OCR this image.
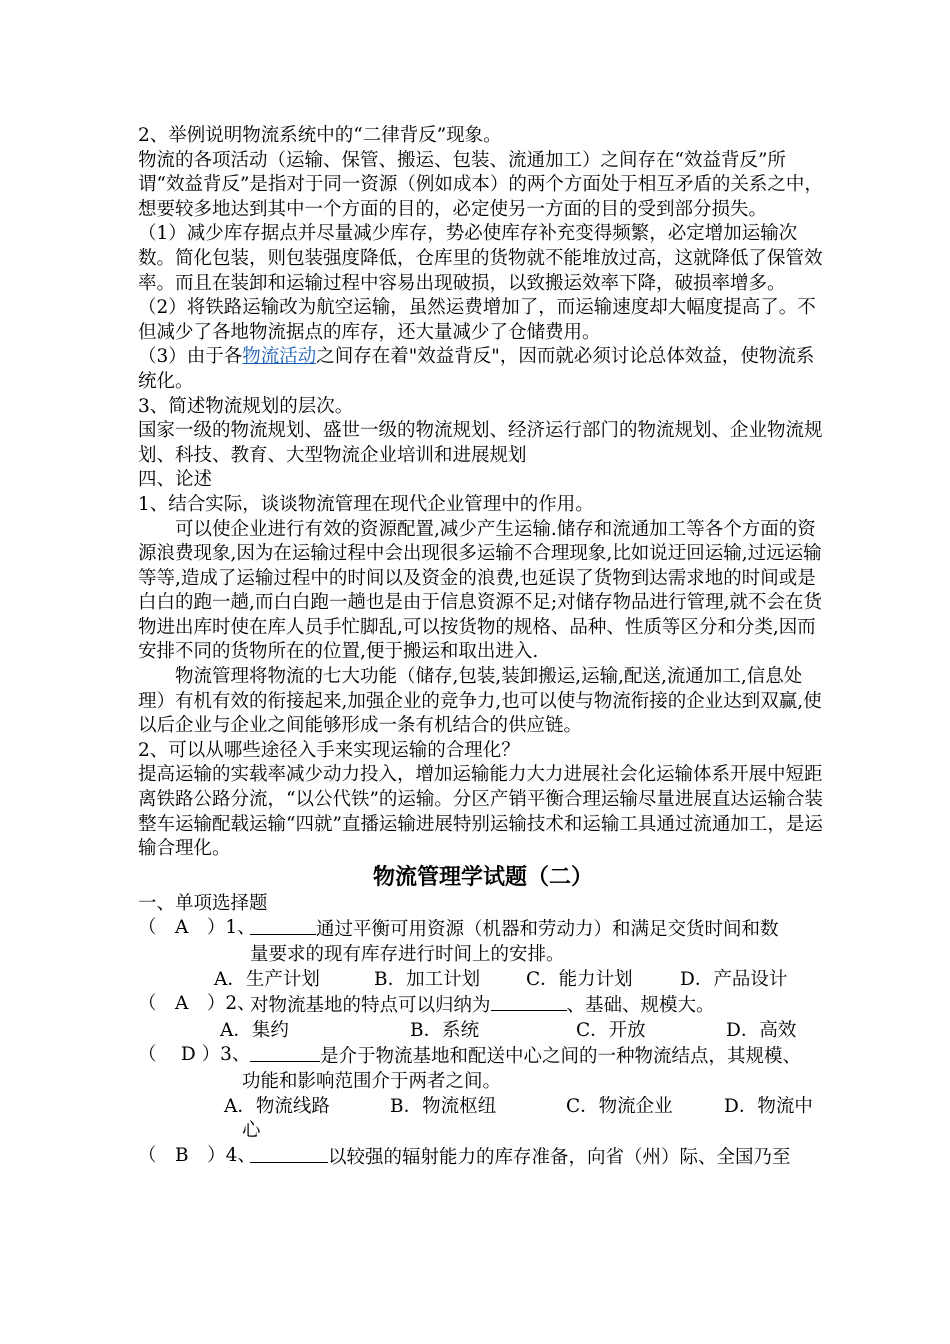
2、举例说明物流系统中的“二律背反”现象。

物流的各项活动（运输、保管、搬运、包装、流通加工）之间存在“效益背反”所谓“效益背反”是指对于同一资源（例如成本）的两个方面处于相互矛盾的关系之中，想要较多地达到其中一个方面的目的，必定使另一方面的目的受到部分损失。

（1）减少库存据点并尽量减少库存，势必使库存补充变得频繁，必定增加运输次数。简化包装，则包装强度降低，仓库里的货物就不能堆放过高，这就降低了保管效率。而且在装卸和运输过程中容易出现破损，以致搬运效率下降，破损率增多。

（2）将铁路运输改为航空运输，虽然运费增加了，而运输速度却大幅度提高了。不但减少了各地物流据点的库存，还大量减少了仓储费用。

（3）由于各物流活动之间存在着"效益背反"，因而就必须讨论总体效益，使物流系统化。

3、简述物流规划的层次。

国家一级的物流规划、盛世一级的物流规划、经济运行部门的物流规划、企业物流规划、科技、教育、大型物流企业培训和进展规划

四、论述

1、结合实际，谈谈物流管理在现代企业管理中的作用。

可以使企业进行有效的资源配置,减少产生运输.储存和流通加工等各个方面的资源浪费现象,因为在运输过程中会出现很多运输不合理现象,比如说迂回运输,过远运输等等,造成了运输过程中的时间以及资金的浪费,也延误了货物到达需求地的时间或是白白的跑一趟,而白白跑一趟也是由于信息资源不足;对储存物品进行管理,就不会在货物进出库时使在库人员手忙脚乱,可以按货物的规格、品种、性质等区分和分类,因而安排不同的货物所在的位置,便于搬运和取出进入.

物流管理将物流的七大功能（储存,包装,装卸搬运,运输,配送,流通加工,信息处理）有机有效的衔接起来,加强企业的竞争力,也可以使与物流衔接的企业达到双赢,使以后企业与企业之间能够形成一条有机结合的供应链。

2、可以从哪些途径入手来实现运输的合理化？

提高运输的实载率减少动力投入，增加运输能力大力进展社会化运输体系开展中短距离铁路公路分流，“以公代铁”的运输。分区产销平衡合理运输尽量进展直达运输合装整车运输配载运输“四就”直播运输进展特别运输技术和运输工具通过流通加工，是运输合理化。

物流管理学试题（二）

一、单项选择题

（　A　）1、	通过平衡可用资源（机器和劳动力）和满足交货时间和数

量要求的现有库存进行时间上的安排。

A．生产计划	B．加工计划	C．能力计划	D．产品设计
（　A　）2、
对物流基地的特点可以归纳为	、基础、规模大。
A．集约	B．系统	C．开放	D．高效
（　 D ）3、	是介于物流基地和配送中心之间的一种物流结点，其规模、

功能和影响范围介于两者之间。

A．物流线路	B．物流枢纽	C．物流企业	D．物流中

心

（　B　）4、	以较强的辐射能力的库存准备，向省（州）际、全国乃至
